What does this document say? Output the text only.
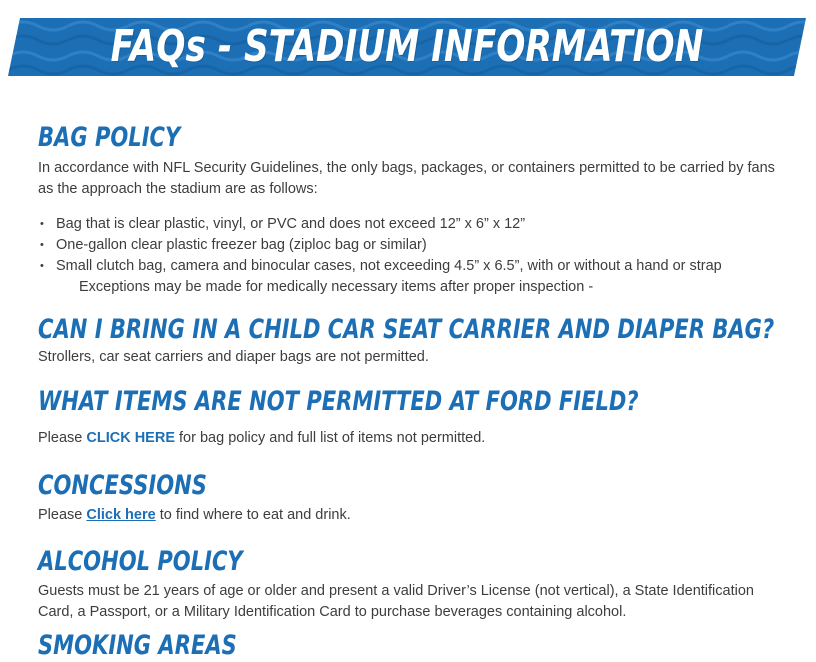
FAQs - STADIUM INFORMATION
BAG POLICY

In accordance with NFL Security Guidelines, the only bags, packages, or containers permitted to be carried by fans as the approach the stadium are as follows:

• Bag that is clear plastic, vinyl, or PVC and does not exceed 12” x 6” x 12”
• One-gallon clear plastic freezer bag (ziploc bag or similar)
• Small clutch bag, camera and binocular cases, not exceeding 4.5” x 6.5”, with or without a hand or strap

Exceptions may be made for medically necessary items after proper inspection -

CAN I BRING IN A CHILD CAR SEAT CARRIER AND DIAPER BAG?

Strollers, car seat carriers and diaper bags are not permitted.

WHAT ITEMS ARE NOT PERMITTED AT FORD FIELD?

Please CLICK HERE for bag policy and full list of items not permitted.

CONCESSIONS

Please Click here to find where to eat and drink.

ALCOHOL POLICY

Guests must be 21 years of age or older and present a valid Driver’s License (not vertical), a State Identification Card, a Passport, or a Military Identification Card to purchase beverages containing alcohol.

SMOKING AREAS
